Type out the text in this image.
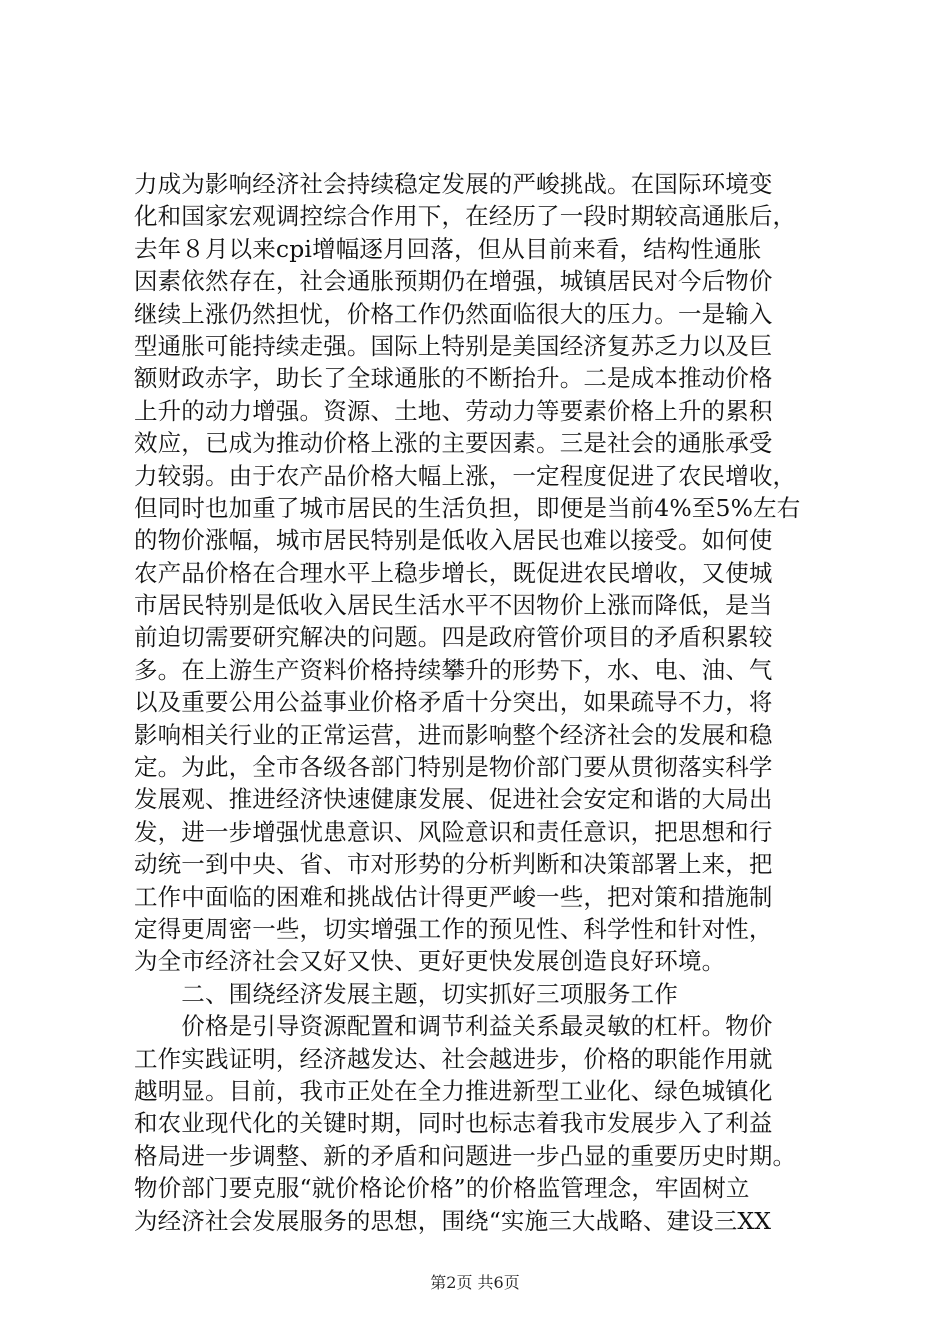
力成为影响经济社会持续稳定发展的严峻挑战。在国际环境变
化和国家宏观调控综合作用下，在经历了一段时期较高通胀后，
去年８月以来cpi增幅逐月回落，但从目前来看，结构性通胀
因素依然存在，社会通胀预期仍在增强，城镇居民对今后物价
继续上涨仍然担忧，价格工作仍然面临很大的压力。一是输入
型通胀可能持续走强。国际上特别是美国经济复苏乏力以及巨
额财政赤字，助长了全球通胀的不断抬升。二是成本推动价格
上升的动力增强。资源、土地、劳动力等要素价格上升的累积
效应，已成为推动价格上涨的主要因素。三是社会的通胀承受
力较弱。由于农产品价格大幅上涨，一定程度促进了农民增收，
但同时也加重了城市居民的生活负担，即便是当前4%至5%左右
的物价涨幅，城市居民特别是低收入居民也难以接受。如何使
农产品价格在合理水平上稳步增长，既促进农民增收，又使城
市居民特别是低收入居民生活水平不因物价上涨而降低，是当
前迫切需要研究解决的问题。四是政府管价项目的矛盾积累较
多。在上游生产资料价格持续攀升的形势下，水、电、油、气
以及重要公用公益事业价格矛盾十分突出，如果疏导不力，将
影响相关行业的正常运营，进而影响整个经济社会的发展和稳
定。为此，全市各级各部门特别是物价部门要从贯彻落实科学
发展观、推进经济快速健康发展、促进社会安定和谐的大局出
发，进一步增强忧患意识、风险意识和责任意识，把思想和行
动统一到中央、省、市对形势的分析判断和决策部署上来，把
工作中面临的困难和挑战估计得更严峻一些，把对策和措施制
定得更周密一些，切实增强工作的预见性、科学性和针对性，
为全市经济社会又好又快、更好更快发展创造良好环境。
　　二、围绕经济发展主题，切实抓好三项服务工作
　　价格是引导资源配置和调节利益关系最灵敏的杠杆。物价
工作实践证明，经济越发达、社会越进步，价格的职能作用就
越明显。目前，我市正处在全力推进新型工业化、绿色城镇化
和农业现代化的关键时期，同时也标志着我市发展步入了利益
格局进一步调整、新的矛盾和问题进一步凸显的重要历史时期。
物价部门要克服“就价格论价格”的价格监管理念，牢固树立
为经济社会发展服务的思想，围绕“实施三大战略、建设三XX
第2页 共6页
